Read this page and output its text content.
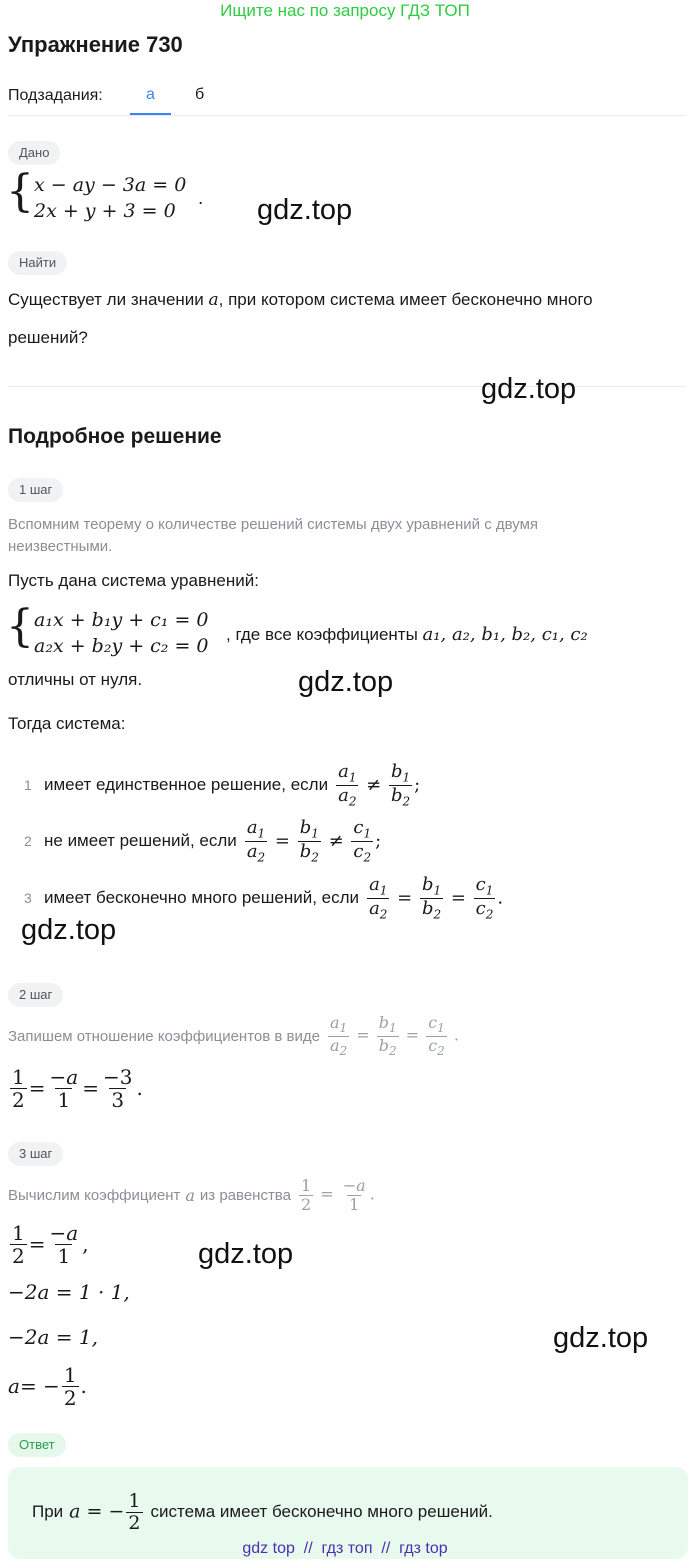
Ищите нас по запросу ГДЗ ТОП
Упражнение 730
Подзадания:	а	б
Дано
{ x − ay − 3a = 0
2x + y + 3 = 0
. gdz.top
Найти
Существует ли значении a, при котором система имеет бесконечно много
решений?
gdz.top
Подробное решение
1 шаг
Вспомним теорему о количестве решений системы двух уравнений с двумя неизвестными.
Пусть дана система уравнений:
{ a₁x + b₁y + c₁ = 0
a₂x + b₂y + c₂ = 0
, где все коэффициенты a₁, a₂, b₁, b₂, c₁, c₂
отличны от нуля.	gdz.top
Тогда система:
1 имеет единственное решение, если $\frac{a_1}{a_2} \ne \frac{b_1}{b_2}$ ;
2 не имеет решений, если $\frac{a_1}{a_2} = \frac{b_1}{b_2} \ne \frac{c_1}{c_2}$ ;
3 имеет бесконечно много решений, если $\frac{a_1}{a_2} = \frac{b_1}{b_2} = \frac{c_1}{c_2}$ .
gdz.top
2 шаг
Запишем отношение коэффициентов в виде $\frac{a_1}{a_2} = \frac{b_1}{b_2} = \frac{c_1}{c_2}$ .
$\frac{1}{2} = \frac{-a}{1} = \frac{-3}{3}$ .
3 шаг
Вычислим коэффициент a из равенства $\frac{1}{2} = \frac{-a}{1}$ .
$\frac{1}{2} = \frac{-a}{1}$ ,	gdz.top
−2a = 1 · 1,
−2a = 1,	gdz.top
a = − $\frac{1}{2}$ .
Ответ
При a = − $\frac{1}{2}$ система имеет бесконечно много решений.
gdz top  //  гдз топ  //  гдз top
